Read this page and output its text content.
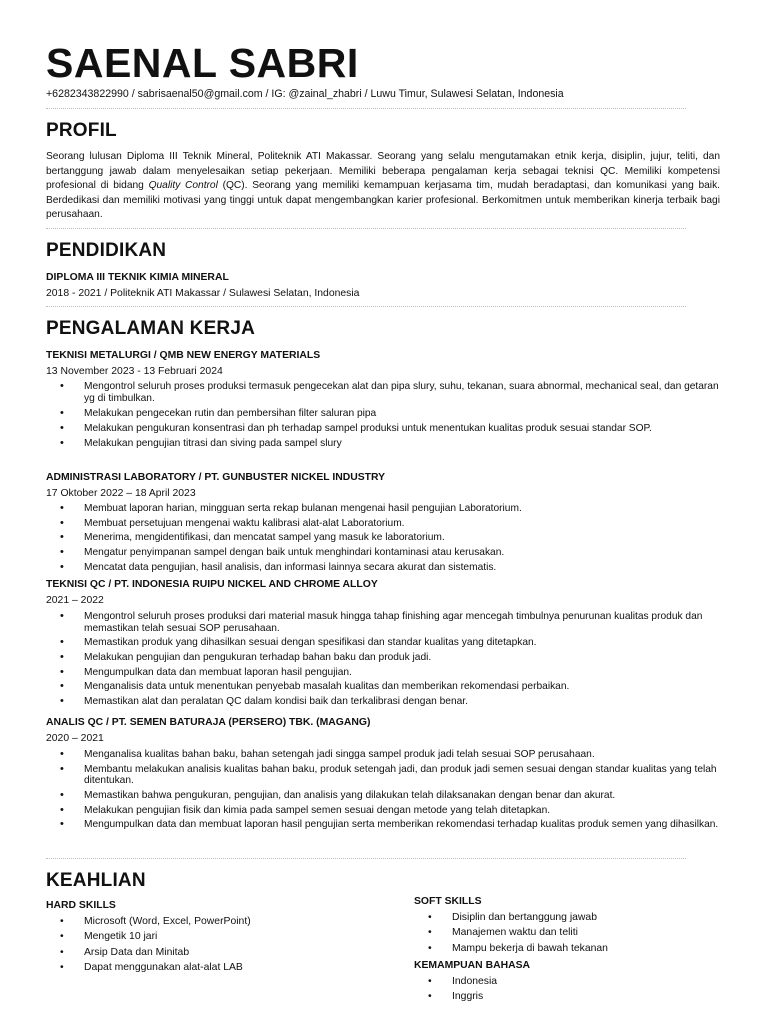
SAENAL SABRI
+6282343822990 / sabrisaenal50@gmail.com / IG: @zainal_zhabri / Luwu Timur, Sulawesi Selatan, Indonesia
PROFIL

Seorang lulusan Diploma III Teknik Mineral, Politeknik ATI Makassar. Seorang yang selalu mengutamakan etnik kerja, disiplin, jujur, teliti, dan bertanggung jawab dalam menyelesaikan setiap pekerjaan. Memiliki beberapa pengalaman kerja sebagai teknisi QC. Memiliki kompetensi profesional di bidang Quality Control (QC). Seorang yang memiliki kemampuan kerjasama tim, mudah beradaptasi, dan komunikasi yang baik. Berdedikasi dan memiliki motivasi yang tinggi untuk dapat mengembangkan karier profesional. Berkomitmen untuk memberikan kinerja terbaik bagi perusahaan.

PENDIDIKAN
DIPLOMA III TEKNIK KIMIA MINERAL
2018 - 2021 / Politeknik ATI Makassar / Sulawesi Selatan, Indonesia
PENGALAMAN KERJA
TEKNISI METALURGI / QMB NEW ENERGY MATERIALS
13 November 2023 - 13 Februari 2024
• Mengontrol seluruh proses produksi termasuk pengecekan alat dan pipa slury, suhu, tekanan, suara abnormal, mechanical seal, dan getaran yg di timbulkan.
• Melakukan pengecekan rutin dan pembersihan filter saluran pipa
• Melakukan pengukuran konsentrasi dan ph terhadap sampel produksi untuk menentukan kualitas produk sesuai standar SOP.
• Melakukan pengujian titrasi dan siving pada sampel slury
ADMINISTRASI LABORATORY / PT. GUNBUSTER NICKEL INDUSTRY
17 Oktober 2022 – 18 April 2023
• Membuat laporan harian, mingguan serta rekap bulanan mengenai hasil pengujian Laboratorium.
• Membuat persetujuan mengenai waktu kalibrasi alat-alat Laboratorium.
• Menerima, mengidentifikasi, dan mencatat sampel yang masuk ke laboratorium.
• Mengatur penyimpanan sampel dengan baik untuk menghindari kontaminasi atau kerusakan.
• Mencatat data pengujian, hasil analisis, dan informasi lainnya secara akurat dan sistematis.
TEKNISI QC / PT. INDONESIA RUIPU NICKEL AND CHROME ALLOY
2021 – 2022
• Mengontrol seluruh proses produksi dari material masuk hingga tahap finishing agar mencegah timbulnya penurunan kualitas produk dan memastikan telah sesuai SOP perusahaan.
• Memastikan produk yang dihasilkan sesuai dengan spesifikasi dan standar kualitas yang ditetapkan.
• Melakukan pengujian dan pengukuran terhadap bahan baku dan produk jadi.
• Mengumpulkan data dan membuat laporan hasil pengujian.
• Menganalisis data untuk menentukan penyebab masalah kualitas dan memberikan rekomendasi perbaikan.
• Memastikan alat dan peralatan QC dalam kondisi baik dan terkalibrasi dengan benar.
ANALIS QC / PT. SEMEN BATURAJA (PERSERO) TBK. (MAGANG)
2020 – 2021
• Menganalisa kualitas bahan baku, bahan setengah jadi singga sampel produk jadi telah sesuai SOP perusahaan.
• Membantu melakukan analisis kualitas bahan baku, produk setengah jadi, dan produk jadi semen sesuai dengan standar kualitas yang telah ditentukan.
• Memastikan bahwa pengukuran, pengujian, dan analisis yang dilakukan telah dilaksanakan dengan benar dan akurat.
• Melakukan pengujian fisik dan kimia pada sampel semen sesuai dengan metode yang telah ditetapkan.
• Mengumpulkan data dan membuat laporan hasil pengujian serta memberikan rekomendasi terhadap kualitas produk semen yang dihasilkan.
KEAHLIAN
HARD SKILLS
• Microsoft (Word, Excel, PowerPoint)
• Mengetik 10 jari
• Arsip Data dan Minitab
• Dapat menggunakan alat-alat LAB
SOFT SKILLS
• Disiplin dan bertanggung jawab
• Manajemen waktu dan teliti
• Mampu bekerja di bawah tekanan
KEMAMPUAN BAHASA
• Indonesia
• Inggris
